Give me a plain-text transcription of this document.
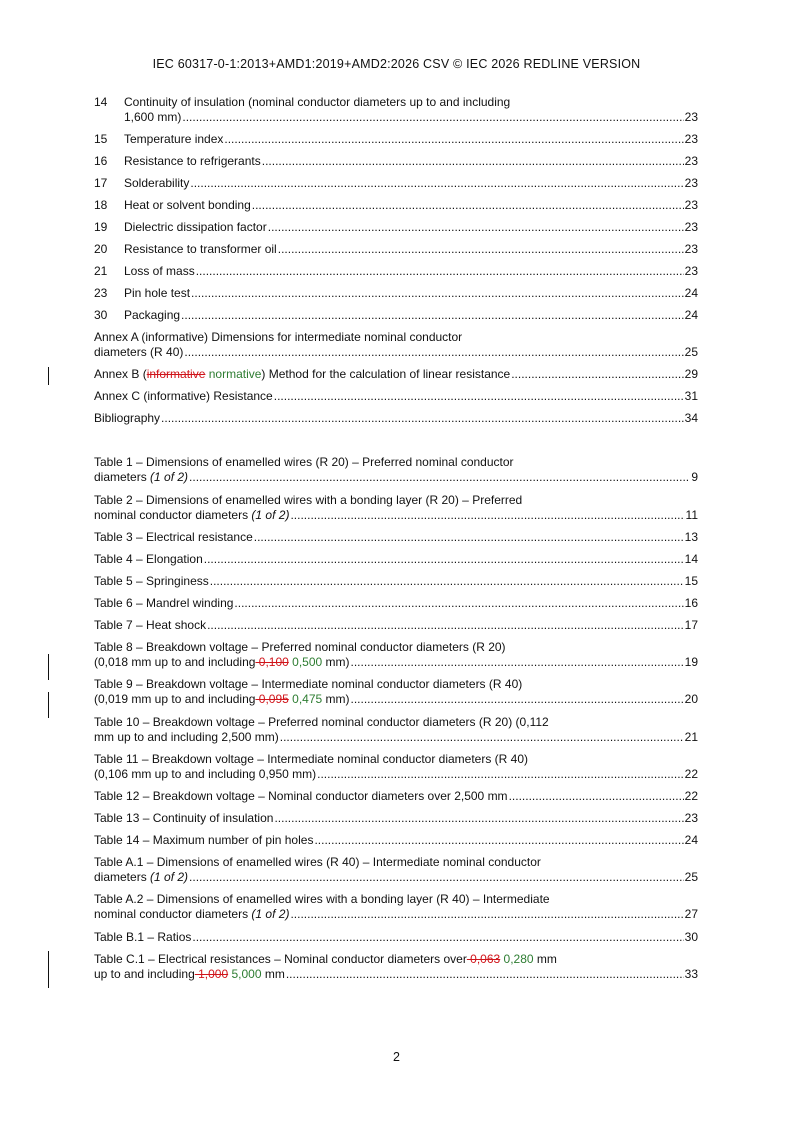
IEC 60317-0-1:2013+AMD1:2019+AMD2:2026 CSV © IEC 2026 REDLINE VERSION
14 Continuity of insulation (nominal conductor diameters up to and including
1,600 mm) .....	23
15 Temperature index .....	23
16 Resistance to refrigerants .....	23
17 Solderability .....	23
18 Heat or solvent bonding .....	23
19 Dielectric dissipation factor .....	23
20 Resistance to transformer oil .....	23
21 Loss of mass .....	23
23 Pin hole test .....	24
30 Packaging .....	24
Annex A (informative) Dimensions for intermediate nominal conductor
diameters (R 40) .....	25
Annex B (informative normative) Method for the calculation of linear resistance .....	29
Annex C (informative) Resistance .....	31
Bibliography .....	34
Table 1 – Dimensions of enamelled wires (R 20) – Preferred nominal conductor
diameters (1 of 2) .....	9
Table 2 – Dimensions of enamelled wires with a bonding layer (R 20) – Preferred
nominal conductor diameters (1 of 2) .....	11
Table 3 – Electrical resistance .....	13
Table 4 – Elongation .....	14
Table 5 – Springiness .....	15
Table 6 – Mandrel winding .....	16
Table 7 – Heat shock .....	17
Table 8 – Breakdown voltage – Preferred nominal conductor diameters (R 20)
(0,018 mm up to and including 0,100 0,500 mm) .....	19
Table 9 – Breakdown voltage – Intermediate nominal conductor diameters (R 40)
(0,019 mm up to and including 0,095 0,475 mm) .....	20
Table 10 – Breakdown voltage – Preferred nominal conductor diameters (R 20) (0,112
mm up to and including 2,500 mm) .....	21
Table 11 – Breakdown voltage – Intermediate nominal conductor diameters (R 40)
(0,106 mm up to and including 0,950 mm) .....	22
Table 12 – Breakdown voltage – Nominal conductor diameters over 2,500 mm .....	22
Table 13 – Continuity of insulation .....	23
Table 14 – Maximum number of pin holes .....	24
Table A.1 – Dimensions of enamelled wires (R 40) – Intermediate nominal conductor
diameters (1 of 2) .....	25
Table A.2 – Dimensions of enamelled wires with a bonding layer (R 40) – Intermediate
nominal conductor diameters (1 of 2) .....	27
Table B.1 – Ratios .....	30
Table C.1 – Electrical resistances – Nominal conductor diameters over 0,063 0,280 mm
up to and including 1,000 5,000 mm .....	33
2
